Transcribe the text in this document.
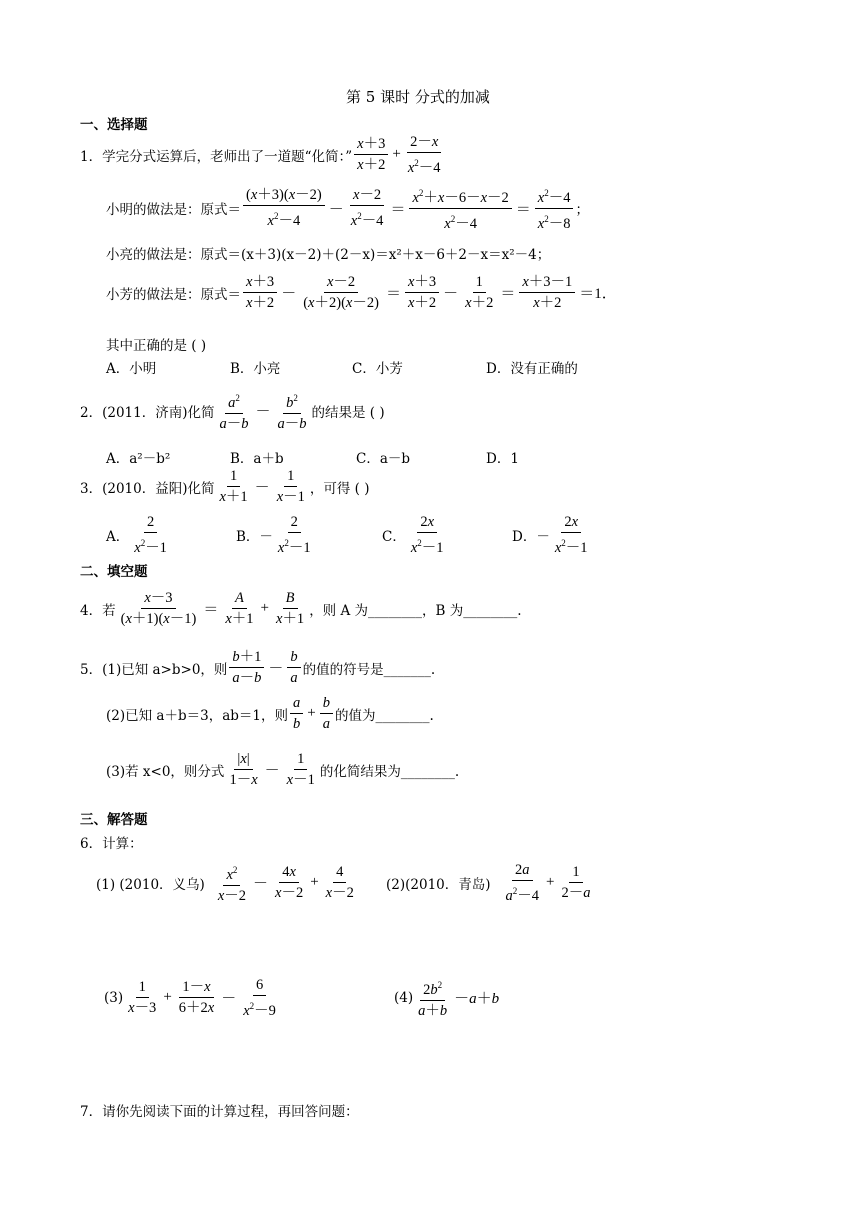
第 5 课时 分式的加减
一、选择题
1．学完分式运算后，老师出了一道题“化简：”
x＋3
x＋2
+ $\frac{2-x}{x^2-4}$
小明的做法是：原式＝
(x＋3)(x－2)
$x^2-4$
－
x－2
$x^2-4$
＝
$x^2+x-6-x-2$
$x^2-4$
＝
$x^2-4$
$x^2-8$
；
小亮的做法是：原式＝(x＋3)(x－2)＋(2－x)＝x²＋x－6＋2－x＝x²－4；
小芳的做法是：原式＝
x＋3
x＋2
－
x－2
(x＋2)(x－2)
＝
x＋3
x＋2
－
1
x＋2
＝
x＋3－1
x＋2
＝1．
其中正确的是 ( )
A．小明	B．小亮	C．小芳	D．没有正确的
2．(2011．济南)化简
$a^2$
a－b
－
$b^2$
a－b
的结果是 ( )
A．a²－b²	B．a＋b	C．a－b	D．1
3．(2010．益阳)化简
1
x＋1
－
1
x－1
，可得 ( )
A．
2
$x^2-1$
B．－
2
$x^2-1$
C．
2x
$x^2-1$
D．－
2x
$x^2-1$
二、填空题
4．若
x－3
(x＋1)(x－1)
＝
A
x＋1
+ $\frac{B}{x+1}$ ，则 A 为________，B 为________.
5．(1)已知 a>b>0，则
b＋1
a－b
－
b
a
的值的符号是_______.
(2)已知 a＋b＝3，ab＝1，则
a
b
+ $\frac{b}{a}$ 的值为________.
(3)若 x<0，则分式
|x|
1－x
－
1
x－1
的化简结果为________.
三、解答题
6．计算：
(1) (2010．义乌)
$x^2$
x－2
－
4x
x－2
+ $\frac{4}{x-2} (2)(2010$．青岛)
2a
$a^2-4$
+ $\frac{1}{2-a}$
(3)
1
x－3
+ $\frac{1-x}{6+2x}$ －
6
$x^2-9$
(4)
$2b^2$
a＋b
－a＋b
7．请你先阅读下面的计算过程，再回答问题：
